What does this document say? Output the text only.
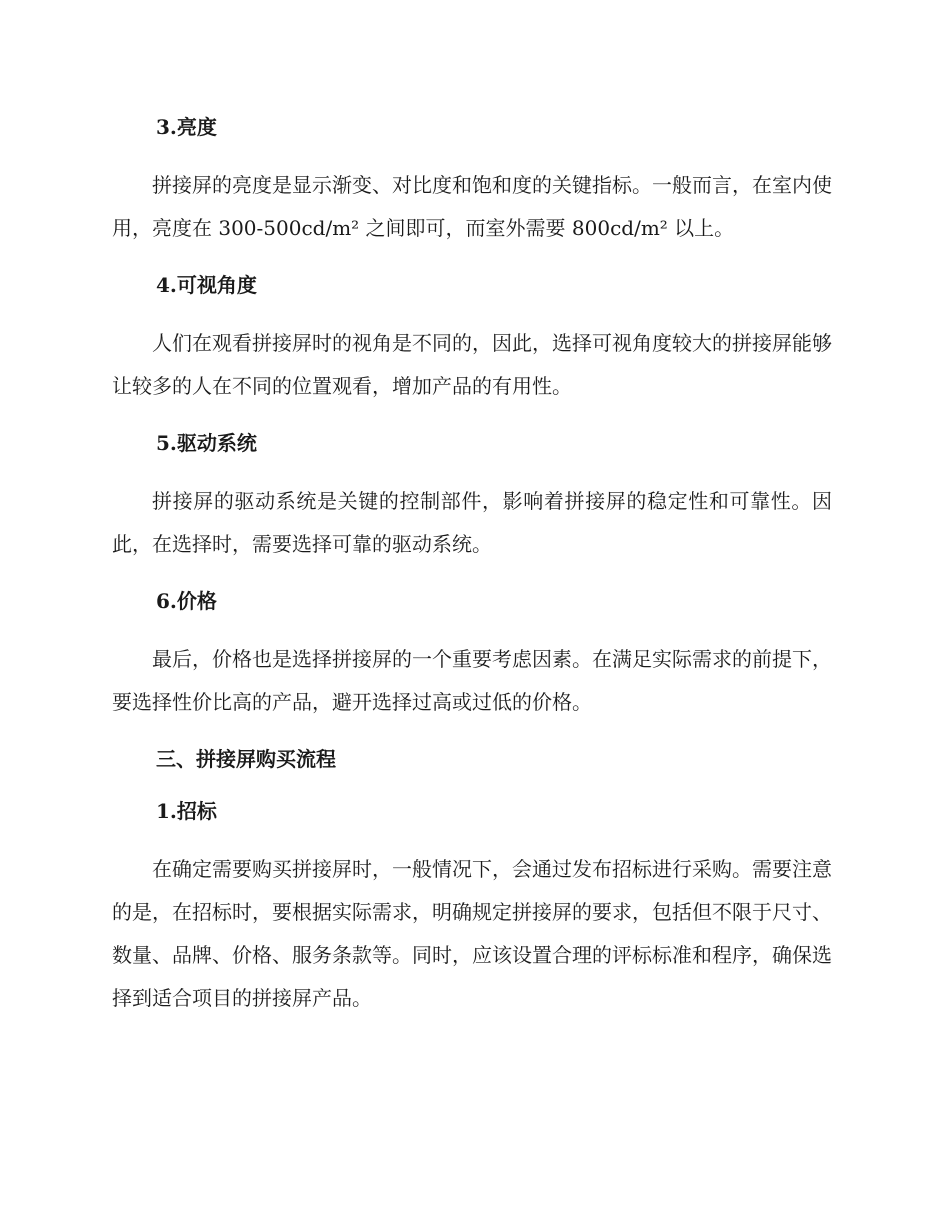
3.亮度

拼接屏的亮度是显示渐变、对比度和饱和度的关键指标。一般而言，在室内使用，亮度在 300-500cd/m² 之间即可，而室外需要 800cd/m² 以上。

4.可视角度

人们在观看拼接屏时的视角是不同的，因此，选择可视角度较大的拼接屏能够让较多的人在不同的位置观看，增加产品的有用性。

5.驱动系统

拼接屏的驱动系统是关键的控制部件，影响着拼接屏的稳定性和可靠性。因此，在选择时，需要选择可靠的驱动系统。

6.价格

最后，价格也是选择拼接屏的一个重要考虑因素。在满足实际需求的前提下，要选择性价比高的产品，避开选择过高或过低的价格。

三、拼接屏购买流程
1.招标

在确定需要购买拼接屏时，一般情况下，会通过发布招标进行采购。需要注意的是，在招标时，要根据实际需求，明确规定拼接屏的要求，包括但不限于尺寸、数量、品牌、价格、服务条款等。同时，应该设置合理的评标标准和程序，确保选择到适合项目的拼接屏产品。
